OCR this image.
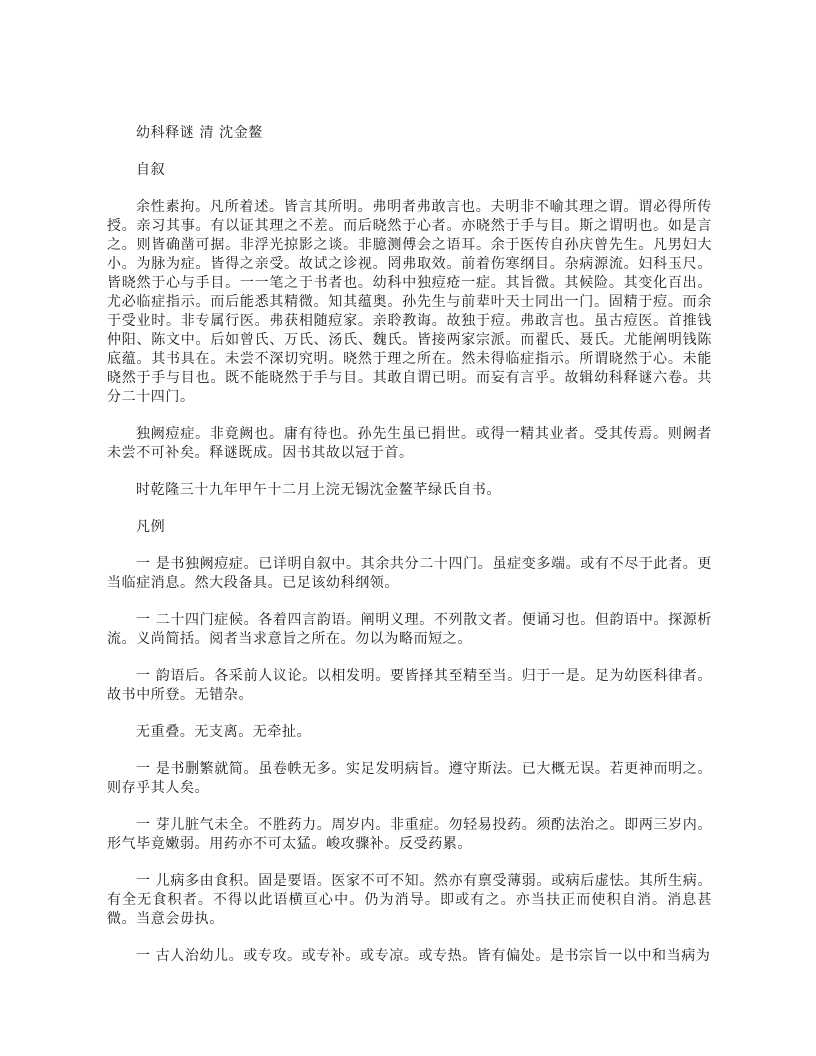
幼科释谜 清 沈金鳌

自叙

余性素拘。凡所着述。皆言其所明。弗明者弗敢言也。夫明非不喻其理之谓。谓必得所传授。亲习其事。有以证其理之不差。而后晓然于心者。亦晓然于手与目。斯之谓明也。如是言之。则皆确凿可据。非浮光掠影之谈。非臆测傅会之语耳。余于医传自孙庆曾先生。凡男妇大小。为脉为症。皆得之亲受。故试之诊视。罔弗取效。前着伤寒纲目。杂病源流。妇科玉尺。皆晓然于心与手目。一一笔之于书者也。幼科中独痘疮一症。其旨微。其候险。其变化百出。尤必临症指示。而后能悉其精微。知其蕴奥。孙先生与前辈叶天士同出一门。固精于痘。而余于受业时。非专属行医。弗获相随痘家。亲聆教诲。故独于痘。弗敢言也。虽古痘医。首推钱仲阳、陈文中。后如曾氏、万氏、汤氏、魏氏。皆接两家宗派。而翟氏、聂氏。尤能阐明钱陈底蕴。其书具在。未尝不深切究明。晓然于理之所在。然未得临症指示。所谓晓然于心。未能晓然于手与目也。既不能晓然于手与目。其敢自谓已明。而妄有言乎。故辑幼科释谜六卷。共分二十四门。

独阙痘症。非竟阙也。庸有待也。孙先生虽已捐世。或得一精其业者。受其传焉。则阙者未尝不可补矣。释谜既成。因书其故以冠于首。

时乾隆三十九年甲午十二月上浣无锡沈金鳌芊绿氏自书。

凡例

一 是书独阙痘症。已详明自叙中。其余共分二十四门。虽症变多端。或有不尽于此者。更当临症消息。然大段备具。已足该幼科纲领。

一 二十四门症候。各着四言韵语。阐明义理。不列散文者。便诵习也。但韵语中。探源析流。义尚简括。阅者当求意旨之所在。勿以为略而短之。

一 韵语后。各采前人议论。以相发明。要皆择其至精至当。归于一是。足为幼医科律者。故书中所登。无错杂。

无重叠。无支离。无牵扯。

一 是书删繁就简。虽卷帙无多。实足发明病旨。遵守斯法。已大概无误。若更神而明之。则存乎其人矣。

一 芽儿脏气未全。不胜药力。周岁内。非重症。勿轻易投药。须酌法治之。即两三岁内。形气毕竟嫩弱。用药亦不可太猛。峻攻骤补。反受药累。

一 儿病多由食积。固是要语。医家不可不知。然亦有禀受薄弱。或病后虚怯。其所生病。有全无食积者。不得以此语横亘心中。仍为消导。即或有之。亦当扶正而使积自消。消息甚微。当意会毋执。

一 古人治幼儿。或专攻。或专补。或专凉。或专热。皆有偏处。是书宗旨一以中和当病为
